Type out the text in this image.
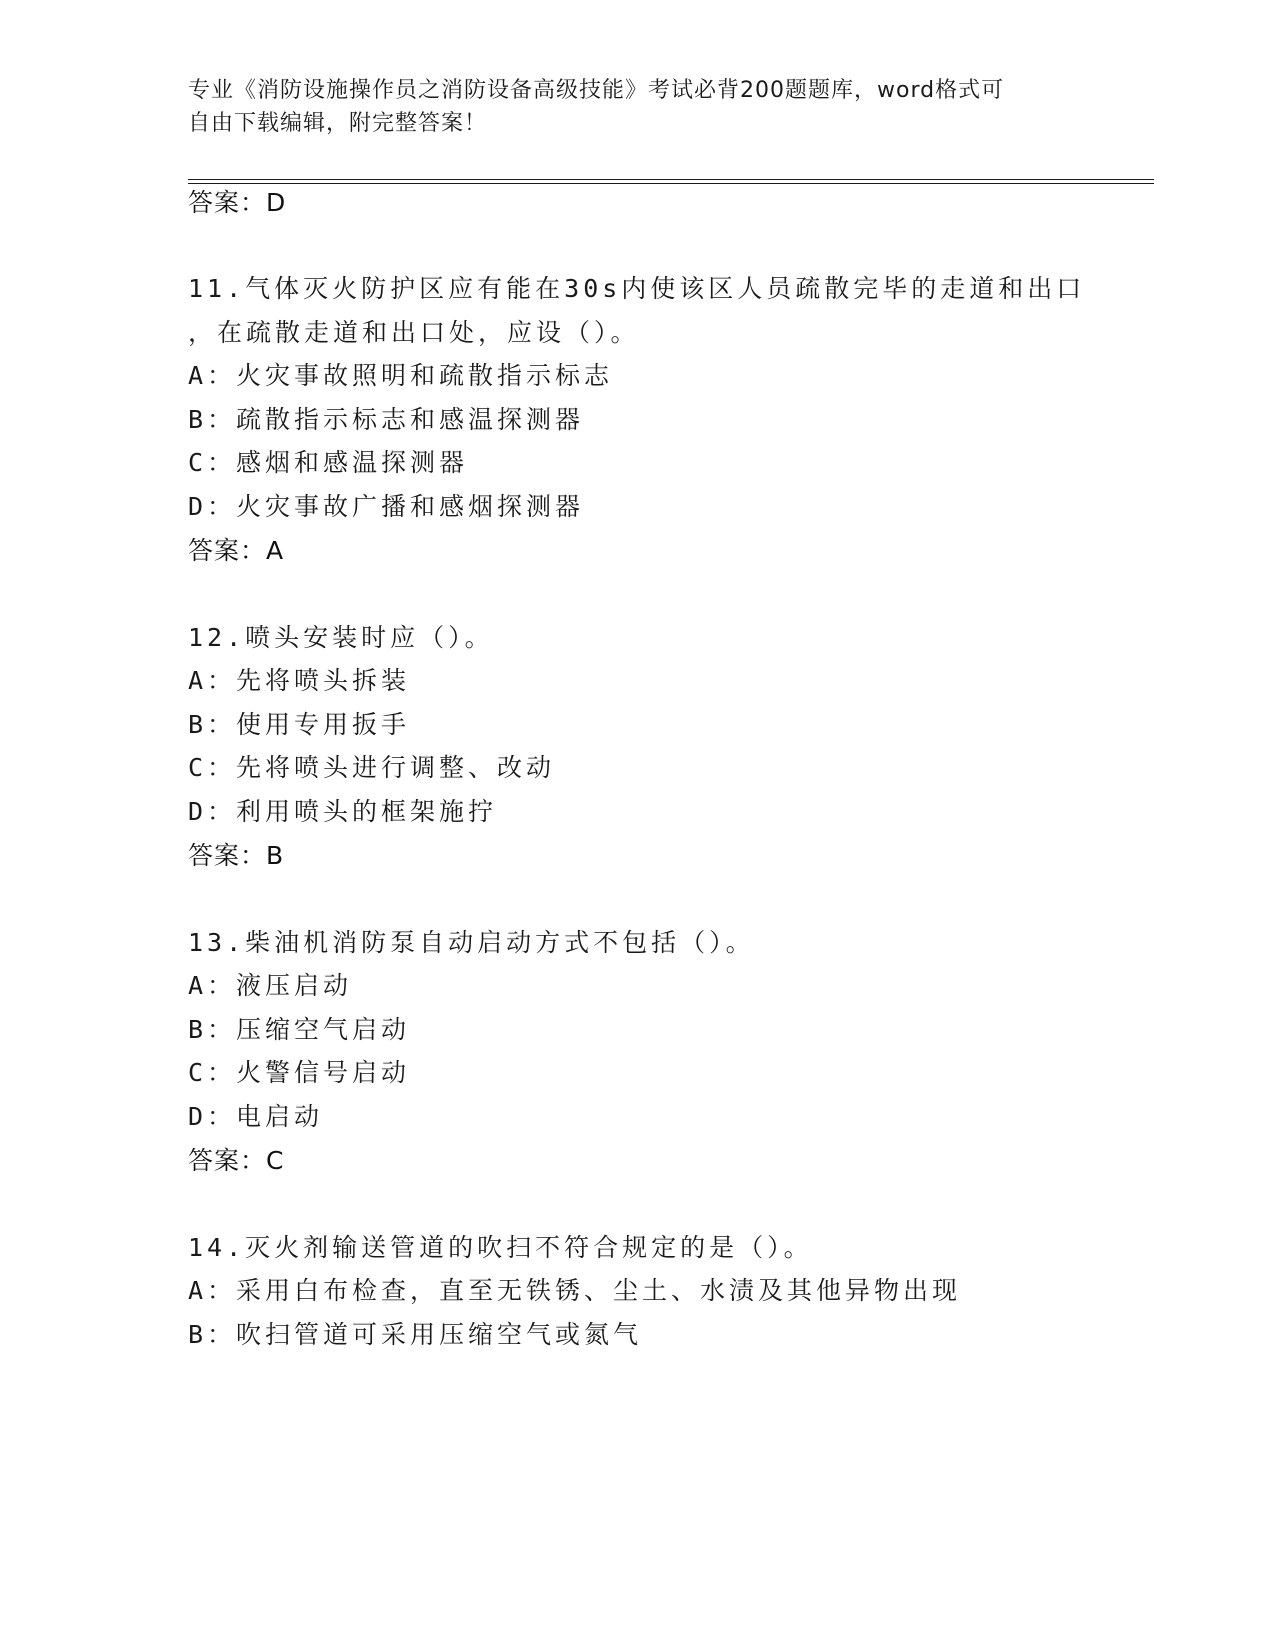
专业《消防设施操作员之消防设备高级技能》考试必背200题题库，word格式可
自由下载编辑，附完整答案！
答案：D
11.气体灭火防护区应有能在30s内使该区人员疏散完毕的走道和出口
，在疏散走道和出口处，应设（）。
A：火灾事故照明和疏散指示标志
B：疏散指示标志和感温探测器
C：感烟和感温探测器
D：火灾事故广播和感烟探测器
答案：A
12.喷头安装时应（）。
A：先将喷头拆装
B：使用专用扳手
C：先将喷头进行调整、改动
D：利用喷头的框架施拧
答案：B
13.柴油机消防泵自动启动方式不包括（）。
A：液压启动
B：压缩空气启动
C：火警信号启动
D：电启动
答案：C
14.灭火剂输送管道的吹扫不符合规定的是（）。
A：采用白布检查，直至无铁锈、尘土、水渍及其他异物出现
B：吹扫管道可采用压缩空气或氮气
